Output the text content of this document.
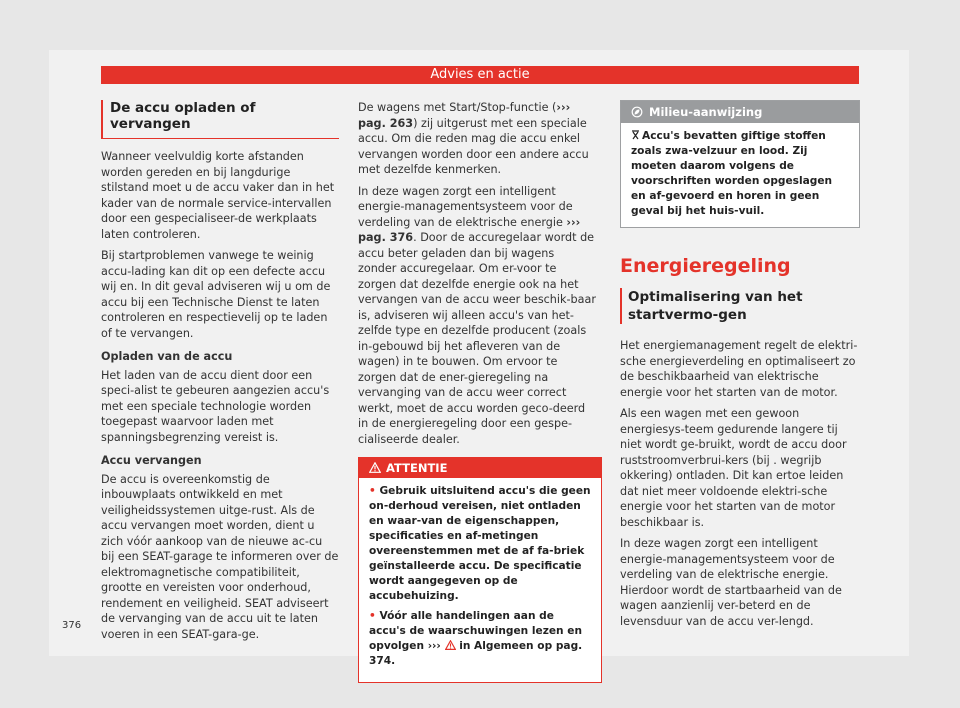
Advies en actie
De accu opladen of vervangen

Wanneer veelvuldig korte afstanden worden gereden en bij langdurige stilstand moet u de accu vaker dan in het kader van de normale service-intervallen door een gespecialiseer-de werkplaats laten controleren.

Bij startproblemen vanwege te weinig accu-lading kan dit op een defecte accu wij en. In dit geval adviseren wij u om de accu bij een Technische Dienst te laten controleren en respectievelij op te laden of te vervangen.

Opladen van de accu

Het laden van de accu dient door een speci-alist te gebeuren aangezien accu's met een speciale technologie worden toegepast waarvoor laden met spanningsbegrenzing vereist is.

Accu vervangen

De accu is overeenkomstig de inbouwplaats ontwikkeld en met veiligheidssystemen uitge-rust. Als de accu vervangen moet worden, dient u zich vóór aankoop van de nieuwe ac-cu bij een SEAT-garage te informeren over de elektromagnetische compatibiliteit, grootte en vereisten voor onderhoud, rendement en veiligheid. SEAT adviseert de vervanging van de accu uit te laten voeren in een SEAT-gara-ge.

De wagens met Start/Stop-functie (››› pag. 263) zij uitgerust met een speciale accu. Om die reden mag die accu enkel vervangen worden door een andere accu met dezelfde kenmerken.

In deze wagen zorgt een intelligent energie-managementsysteem voor de verdeling van de elektrische energie ››› pag. 376. Door de accuregelaar wordt de accu beter geladen dan bij wagens zonder accuregelaar. Om er-voor te zorgen dat dezelfde energie ook na het vervangen van de accu weer beschik-baar is, adviseren wij alleen accu's van het-zelfde type en dezelfde producent (zoals in-gebouwd bij het afleveren van de wagen) in te bouwen. Om ervoor te zorgen dat de ener-gieregeling na vervanging van de accu weer correct werkt, moet de accu worden geco-deerd in de energieregeling door een gespe-cialiseerde dealer.

ATTENTIE
• Gebruik uitsluitend accu's die geen on-derhoud vereisen, niet ontladen en waar-van de eigenschappen, specificaties en af-metingen overeenstemmen met de af fa-briek geïnstalleerde accu. De specificatie wordt aangegeven op de accubehuizing.
• Vóór alle handelingen aan de accu's de waarschuwingen lezen en opvolgen ›››  in Algemeen op pag. 374.
Milieu-aanwijzing
Accu's bevatten giftige stoffen zoals zwa-velzuur en lood. Zij moeten daarom volgens de voorschriften worden opgeslagen en af-gevoerd en horen in geen geval bij het huis-vuil.
Energieregeling
Optimalisering van het startvermo-gen

Het energiemanagement regelt de elektri-sche energieverdeling en optimaliseert zo de beschikbaarheid van elektrische energie voor het starten van de motor.

Als een wagen met een gewoon energiesys-teem gedurende langere tij niet wordt ge-bruikt, wordt de accu door ruststroomverbrui-kers (bij . wegrijb okkering) ontladen. Dit kan ertoe leiden dat niet meer voldoende elektri-sche energie voor het starten van de motor beschikbaar is.

In deze wagen zorgt een intelligent energie-managementsysteem voor de verdeling van de elektrische energie. Hierdoor wordt de startbaarheid van de wagen aanzienlij ver-beterd en de levensduur van de accu ver-lengd.

376
